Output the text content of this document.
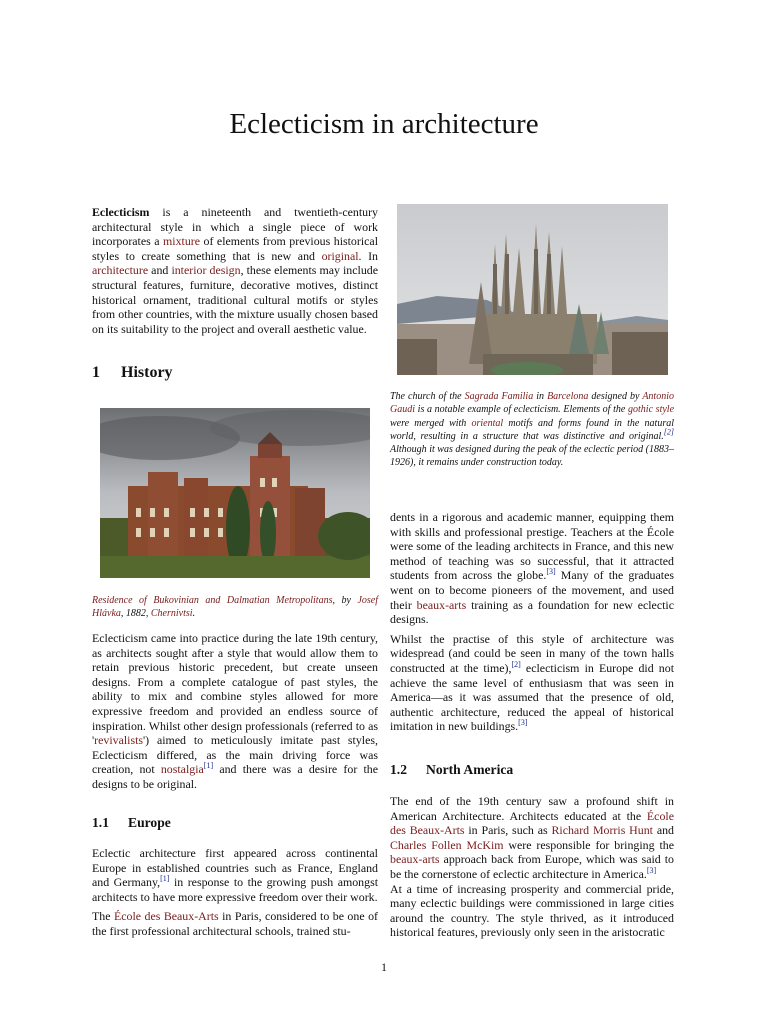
Eclecticism in architecture

Eclecticism is a nineteenth and twentieth-century architectural style in which a single piece of work incorporates a mixture of elements from previous historical styles to create something that is new and original. In architecture and interior design, these elements may include structural features, furniture, decorative motives, distinct historical ornament, traditional cultural motifs or styles from other countries, with the mixture usually chosen based on its suitability to the project and overall aesthetic value.

1 History
Residence of Bukovinian and Dalmatian Metropolitans, by Josef Hlávka, 1882, Chernivtsi.

Eclecticism came into practice during the late 19th century, as architects sought after a style that would allow them to retain previous historic precedent, but create unseen designs. From a complete catalogue of past styles, the ability to mix and combine styles allowed for more expressive freedom and provided an endless source of inspiration. Whilst other design professionals (referred to as 'revivalists') aimed to meticulously imitate past styles, Eclecticism differed, as the main driving force was creation, not nostalgia[1] and there was a desire for the designs to be original.

1.1 Europe

Eclectic architecture first appeared across continental Europe in established countries such as France, England and Germany,[1] in response to the growing push amongst architects to have more expressive freedom over their work.

The École des Beaux-Arts in Paris, considered to be one of the first professional architectural schools, trained stu-

The church of the Sagrada Familia in Barcelona designed by Antonio Gaudi is a notable example of eclecticism. Elements of the gothic style were merged with oriental motifs and forms found in the natural world, resulting in a structure that was distinctive and original.[2] Although it was designed during the peak of the eclectic period (1883–1926), it remains under construction today.

dents in a rigorous and academic manner, equipping them with skills and professional prestige. Teachers at the École were some of the leading architects in France, and this new method of teaching was so successful, that it attracted students from across the globe.[3] Many of the graduates went on to become pioneers of the movement, and used their beaux-arts training as a foundation for new eclectic designs.

Whilst the practise of this style of architecture was widespread (and could be seen in many of the town halls constructed at the time),[2] eclecticism in Europe did not achieve the same level of enthusiasm that was seen in America—as it was assumed that the presence of old, authentic architecture, reduced the appeal of historical imitation in new buildings.[3]

1.2 North America

The end of the 19th century saw a profound shift in American Architecture. Architects educated at the École des Beaux-Arts in Paris, such as Richard Morris Hunt and Charles Follen McKim were responsible for bringing the beaux-arts approach back from Europe, which was said to be the cornerstone of eclectic architecture in America.[3]

At a time of increasing prosperity and commercial pride, many eclectic buildings were commissioned in large cities around the country. The style thrived, as it introduced historical features, previously only seen in the aristocratic

1
